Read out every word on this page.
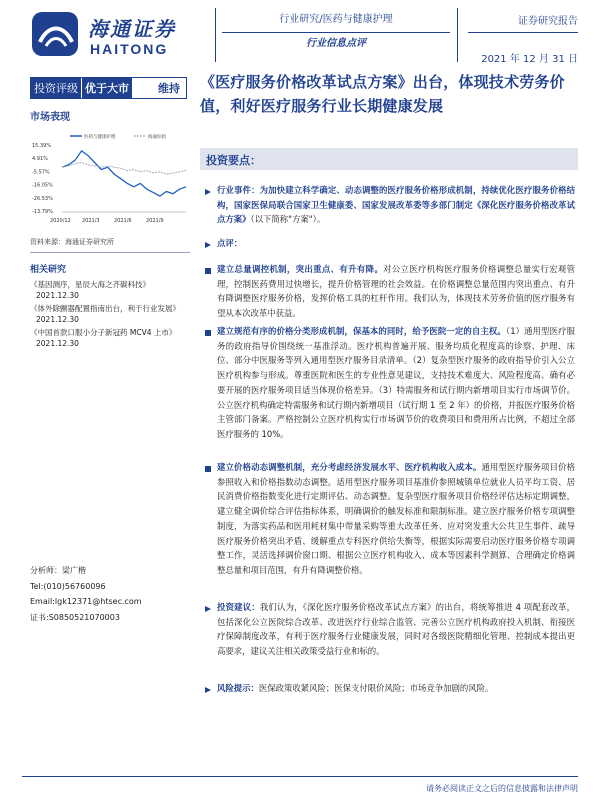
海通证券
HAITONG
行业研究/医药与健康护理
行业信息点评
证券研究报告
2021 年 12 月 31 日
投资评级 优于大市	维持
市场表现
医药与健康护理	海通综指
15.39%
4.91%
-5.57%
-16.05%
-26.53%
-13.79%
2020/12 2021/3	2021/6	2021/9
资料来源：海通证券研究所
相关研究
《基因测序，星辰大海之齐碳科技》
2021.12.30
《体外除颤器配置指南出台，利于行业发展》
2021.12.30
《中国首款口服小分子新冠药 MCV4 上市》
2021.12.30
分析师：梁广楷
Tel:(010)56760096
Email:lgk12371@htsec.com
证书:S0850521070003
《医疗服务价格改革试点方案》出台，体现技术劳务价值，利好医疗服务行业长期健康发展
投资要点：
行业事件：为加快建立科学确定、动态调整的医疗服务价格形成机制，持续优化医疗服务价格结构，国家医保局联合国家卫生健康委、国家发展改革委等多部门制定《深化医疗服务价格改革试点方案》（以下简称"方案"）。
点评：
建立总量调控机制，突出重点、有升有降。对公立医疗机构医疗服务价格调整总量实行宏观管理，控制医药费用过快增长，提升价格管理的社会效益。在价格调整总量范围内突出重点、有升有降调整医疗服务价格，发挥价格工具的杠杆作用。我们认为，体现技术劳务价值的医疗服务有望从本次改革中获益。
建立规范有序的价格分类形成机制，保基本的同时，给予医院一定的自主权。（1）通用型医疗服务的政府指导价围绕统一基准浮动。医疗机构普遍开展、服务均质化程度高的诊察、护理、床位、部分中医服务等列入通用型医疗服务目录清单。（2）复杂型医疗服务的政府指导价引入公立医疗机构参与形成。尊重医院和医生的专业性意见建议，支持技术难度大、风险程度高、确有必要开展的医疗服务项目适当体现价格差异。（3）特需服务和试行期内新增项目实行市场调节价。公立医疗机构确定特需服务和试行期内新增项目（试行期 1 至 2 年）的价格，并报医疗服务价格主管部门备案。严格控制公立医疗机构实行市场调节价的收费项目和费用所占比例，不超过全部医疗服务的 10%。
建立价格动态调整机制，充分考虑经济发展水平、医疗机构收入成本。通用型医疗服务项目价格参照收入和价格指数动态调整。适用型医疗服务项目基准价参照城镇单位就业人员平均工资、居民消费价格指数变化进行定期评估、动态调整。复杂型医疗服务项目价格经评估达标定期调整，建立健全调价综合评估指标体系，明确调价的触发标准和限制标准。建立医疗服务价格专项调整制度，为落实药品和医用耗材集中带量采购等重大改革任务、应对突发重大公共卫生事件、疏导医疗服务价格突出矛盾、缓解重点专科医疗供给失衡等，根据实际需要启动医疗服务价格专项调整工作，灵活选择调价窗口期、根据公立医疗机构收入、成本等因素科学测算、合理确定价格调整总量和项目范围，有升有降调整价格。
投资建议：我们认为，《深化医疗服务价格改革试点方案》的出台，将统筹推进 4 项配套改革，包括深化公立医院综合改革、改进医疗行业综合监管、完善公立医疗机构政府投入机制、衔接医疗保障制度改革，有利于医疗服务行业健康发展，同时对各级医院精细化管理、控制成本提出更高要求，建议关注相关政策受益行业和标的。
风险提示：医保政策收紧风险；医保支付限价风险；市场竞争加剧的风险。
请务必阅读正文之后的信息披露和法律声明
